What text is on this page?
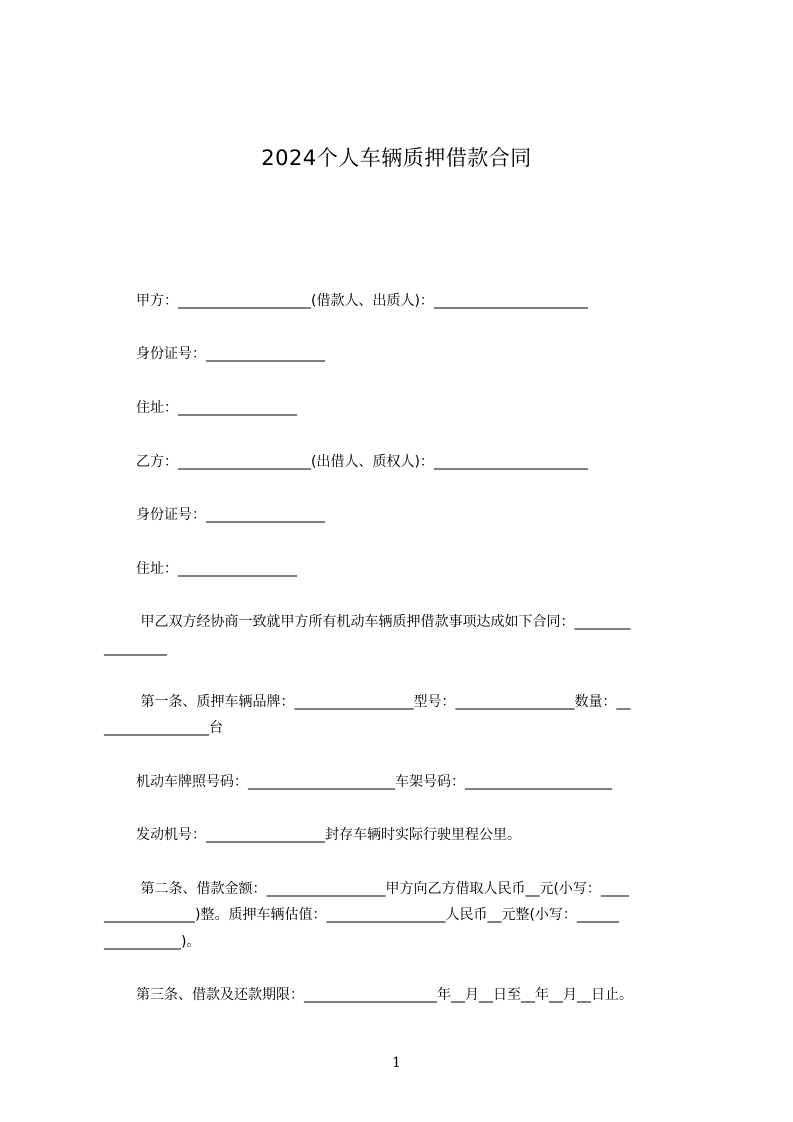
2024个人车辆质押借款合同
甲方：___________________(借款人、出质人)：______________________
身份证号：_________________
住址：_________________
乙方：___________________(出借人、质权人)：______________________
身份证号：_________________
住址：_________________
甲乙双方经协商一致就甲方所有机动车辆质押借款事项达成如下合同：________
_________
第一条、质押车辆品牌：_________________型号：_________________数量：__
_______________台
机动车牌照号码：_____________________车架号码：_____________________
发动机号：_________________封存车辆时实际行驶里程公里。
第二条、借款金额：_________________甲方向乙方借取人民币__元(小写：____
_____________)整。质押车辆估值：_________________人民币__元整(小写：______
___________)。
第三条、借款及还款期限：___________________年__月__日至__年__月__日止。
1
